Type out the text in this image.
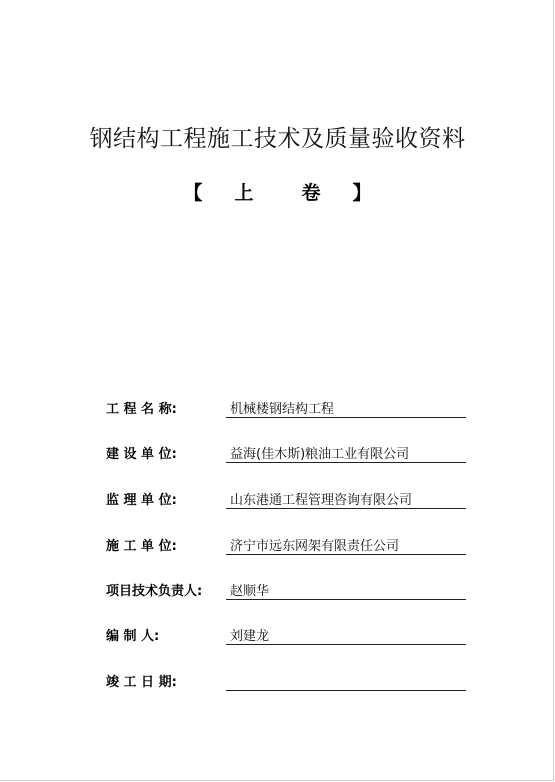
钢结构工程施工技术及质量验收资料
【 上	卷 】
工 程 名 称:	机械楼钢结构工程
建 设 单 位:	益海(佳木斯)粮油工业有限公司
监 理 单 位:	山东港通工程管理咨询有限公司
施 工 单 位:	济宁市远东网架有限责任公司
项目技术负责人:	赵顺华
编 制 人:	刘建龙
竣 工 日 期:
